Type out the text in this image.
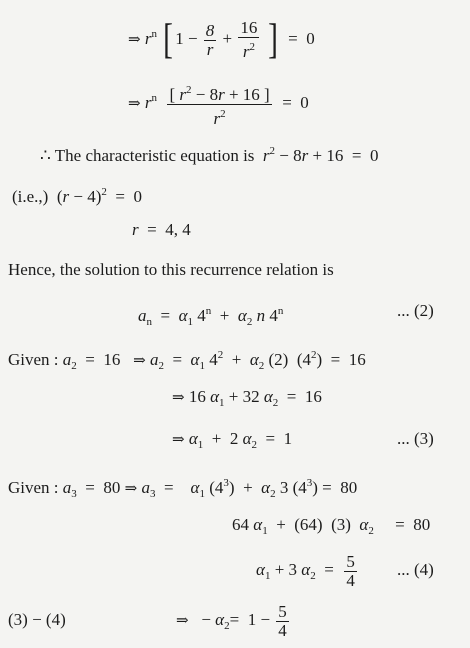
⇒ $r^n$ [ $1 - \frac{8}{r} + \frac{16}{r^2}$ ]  =  0
⇒ $r^n \frac{[ r^2 - 8r + 16 ]}{r^2} = 0$
∴ The characteristic equation is $r^2 - 8r + 16 = 0$
(i.e.,)  $(r - 4)^2 = 0$
r  =  4, 4
Hence, the solution to this recurrence relation is
$a_n = \alpha_1$ $4^n + \alpha_2$ n 4$^n$	... (2)
Given : $a_2 = 16$   ⇒ $a_2 = \alpha_1$ $4^2 + \alpha_2$ (2)  $(4^2) = 16$
⇒ 16 $\alpha_1 + 32$ $\alpha_2 = 16$
⇒ $\alpha_1 + 2$ $\alpha_2 = 1$	... (3)
Given : $a_3 = 80$ ⇒ $a_3$  =    $\alpha_1$ $(4^3) + \alpha_2$ 3 $(4^3) = 80$
64 $\alpha_1 + (64)$  (3)  $\alpha_2$     =  80
$\alpha_1 + 3$ $\alpha_2 = \frac{5}{4}$ ... (4)
(3) − (4)	⇒   − $\alpha_2= 1 - \frac{5}{4}$
